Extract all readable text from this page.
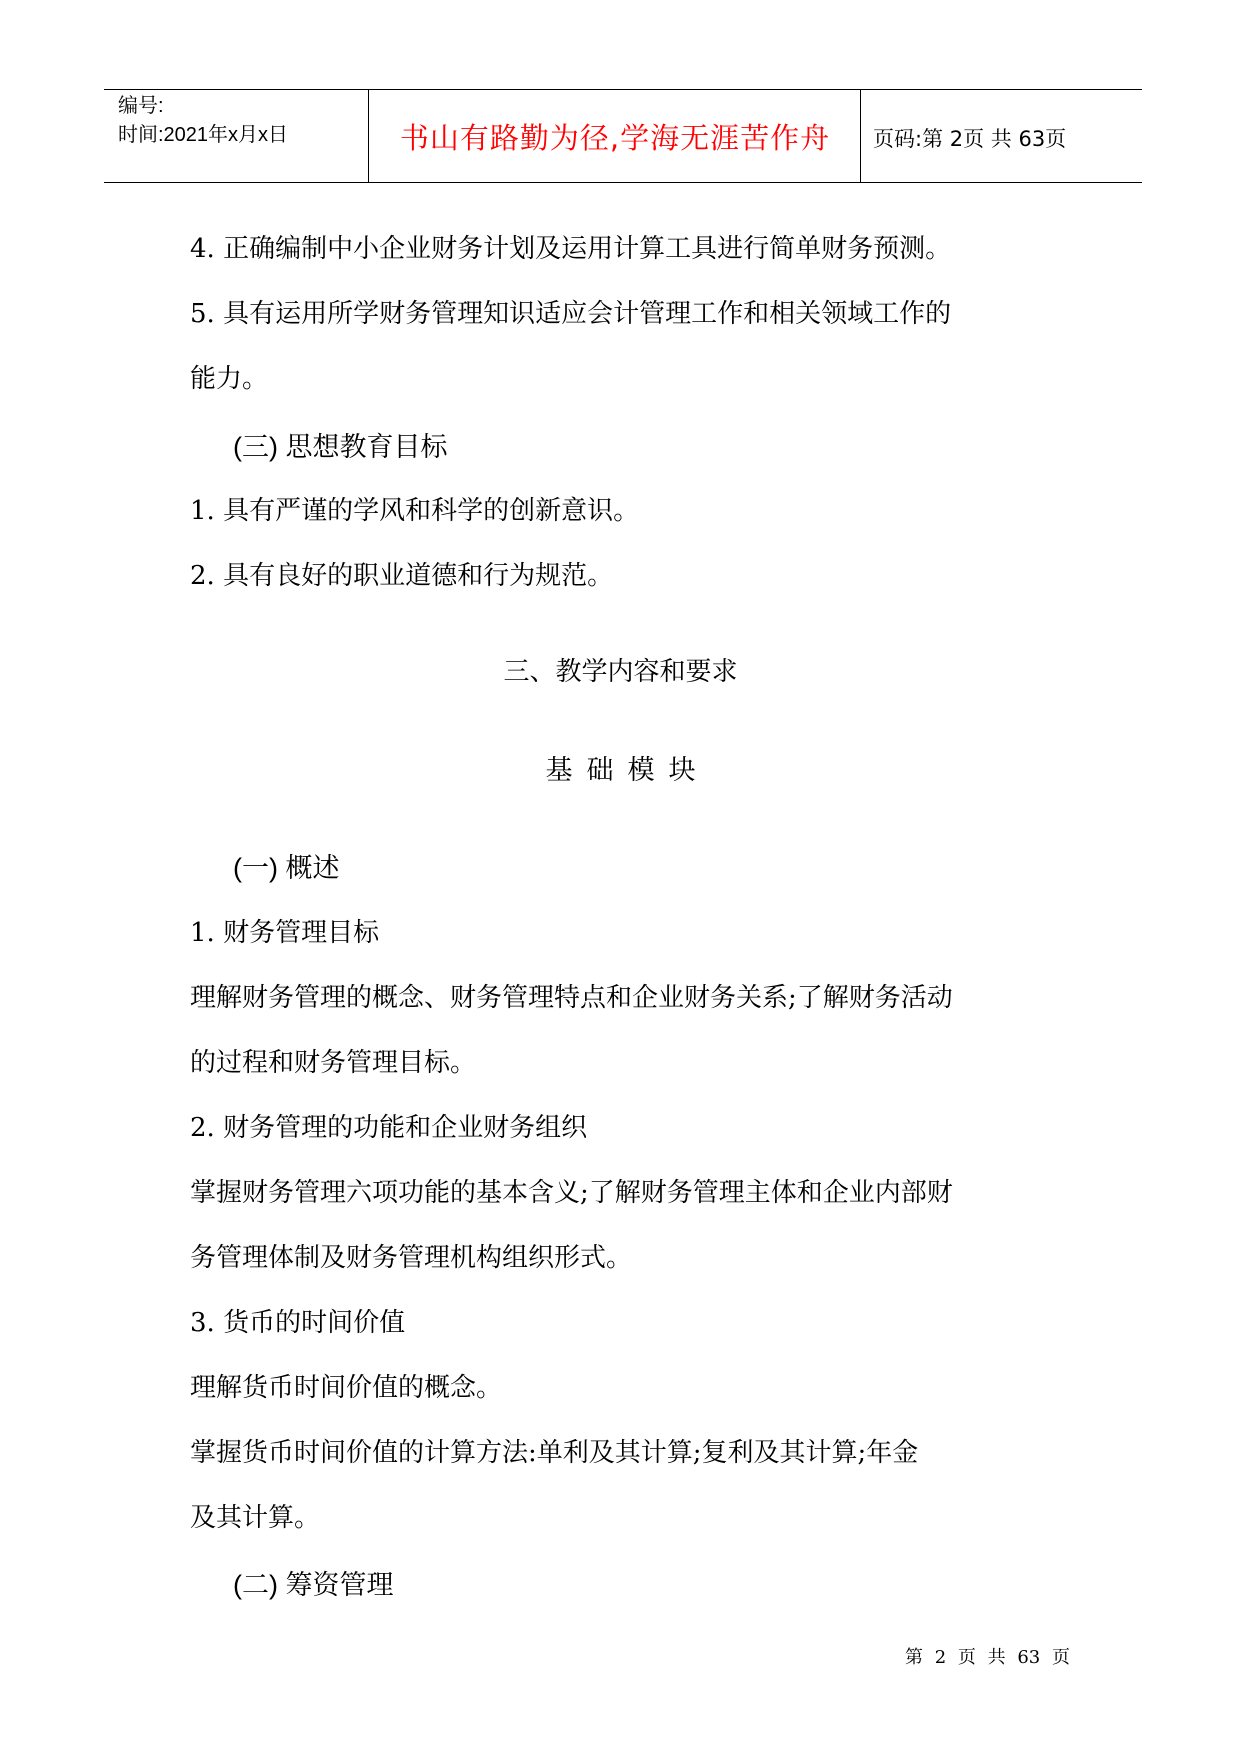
编号:
时间:2021年x月x日	书山有路勤为径,学海无涯苦作舟	页码:第 2页 共 63页
4. 正确编制中小企业财务计划及运用计算工具进行简单财务预测。
5. 具有运用所学财务管理知识适应会计管理工作和相关领域工作的
能力。
(三) 思想教育目标
1. 具有严谨的学风和科学的创新意识。
2. 具有良好的职业道德和行为规范。
三、教学内容和要求
基础模块
(一) 概述
1. 财务管理目标
理解财务管理的概念、财务管理特点和企业财务关系;了解财务活动
的过程和财务管理目标。
2. 财务管理的功能和企业财务组织
掌握财务管理六项功能的基本含义;了解财务管理主体和企业内部财
务管理体制及财务管理机构组织形式。
3. 货币的时间价值
理解货币时间价值的概念。
掌握货币时间价值的计算方法:单利及其计算;复利及其计算;年金
及其计算。
(二) 筹资管理
第 2 页 共 63 页
